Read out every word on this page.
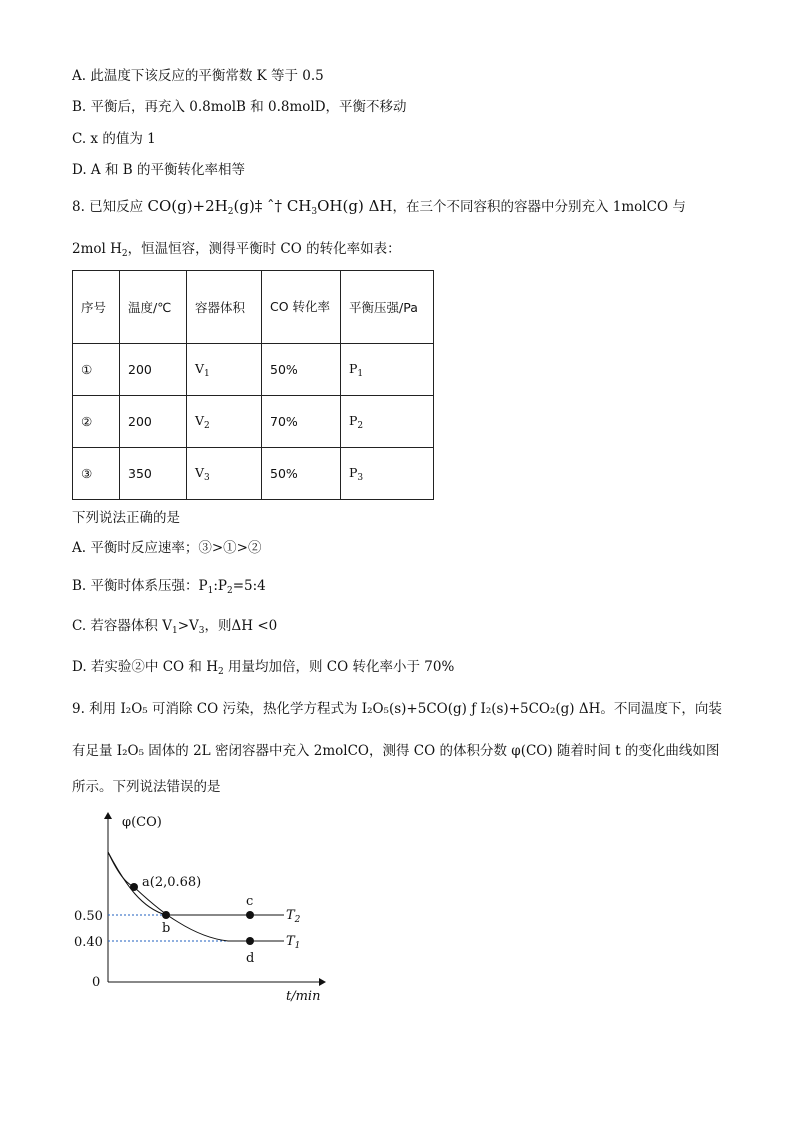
A. 此温度下该反应的平衡常数 K 等于 0.5
B. 平衡后，再充入 0.8molB 和 0.8molD，平衡不移动
C. x 的值为 1
D. A 和 B 的平衡转化率相等
8. 已知反应 $CO(g)+2H_2(g)\ddagger$ ˆ† $CH_3OH(g)$ ΔH，在三个不同容积的容器中分别充入 1molCO 与
2mol $H_2$，恒温恒容，测得平衡时 CO 的转化率如表：
序号	温度/℃	容器体积	CO 转化率	平衡压强/Pa
①	200	$V_1$	50%	$P_1$
②	200	$V_2$	70%	$P_2$
③	350	$V_3$	50%	$P_3$
下列说法正确的是
A. 平衡时反应速率；③>①>②
B. 平衡时体系压强：$P_1:P_2=5:4$
C. 若容器体积 $V_1>V_3$，则ΔH <0
D. 若实验②中 CO 和 $H_2$ 用量均加倍，则 CO 转化率小于 70%
9. 利用 I₂O₅ 可消除 CO 污染，热化学方程式为 I₂O₅(s)+5CO(g) ƒ I₂(s)+5CO₂(g) ΔH。不同温度下，向装
有足量 I₂O₅ 固体的 2L 密闭容器中充入 2molCO，测得 CO 的体积分数 φ(CO) 随着时间 t 的变化曲线如图
所示。下列说法错误的是
φ(CO)
t/min
0.50
0.40
0
a(2,0.68)
b
c
d
$T_2$
$T_1$
